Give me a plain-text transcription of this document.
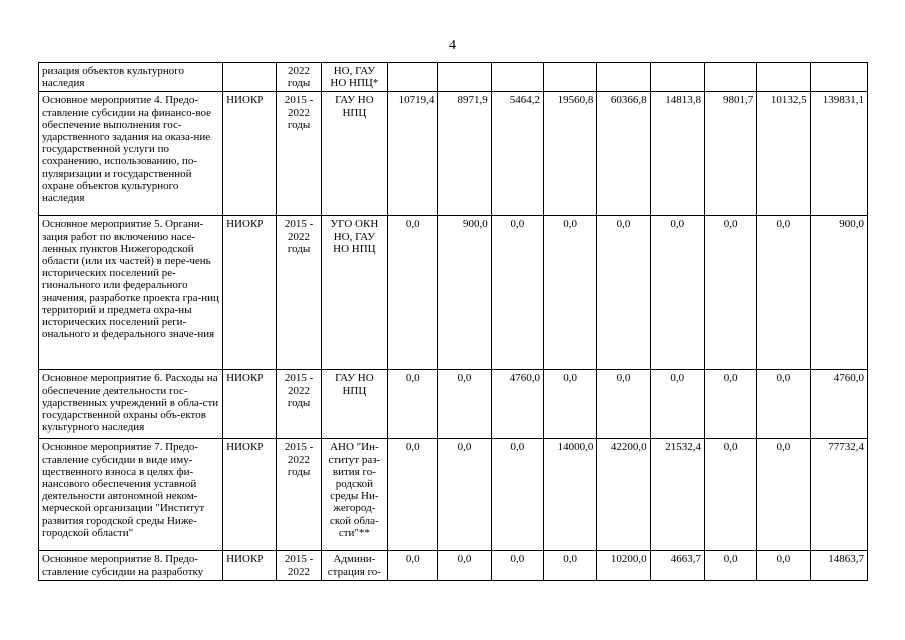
4
ризация объектов культурного наследия		2022 годы	НО, ГАУ НО НПЦ*									
Основное мероприятие 4. Предо-ставление субсидии на финансо-вое обеспечение выполнения гос-ударственного задания на оказа-ние государственной услуги по сохранению, использованию, по-пуляризации и государственной охране объектов культурного наследия	НИОКР	2015 - 2022 годы	ГАУ НО НПЦ	10719,4	8971,9	5464,2	19560,8	60366,8	14813,8	9801,7	10132,5	139831,1
Основное мероприятие 5. Органи-зация работ по включению насе-ленных пунктов Нижегородской области (или их частей) в пере-чень исторических поселений ре-гионального или федерального значения, разработке проекта гра-ниц территорий и предмета охра-ны исторических поселений реги-онального и федерального значе-ния	НИОКР	2015 - 2022 годы	УГО ОКН НО, ГАУ НО НПЦ	0,0	900,0	0,0	0,0	0,0	0,0	0,0	0,0	900,0
Основное мероприятие 6. Расходы на обеспечение деятельности гос-ударственных учреждений в обла-сти государственной охраны объ-ектов культурного наследия	НИОКР	2015 - 2022 годы	ГАУ НО НПЦ	0,0	0,0	4760,0	0,0	0,0	0,0	0,0	0,0	4760,0
Основное мероприятие 7. Предо-ставление субсидии в виде иму-щественного взноса в целях фи-нансового обеспечения уставной деятельности автономной неком-мерческой организации "Институт развития городской среды Ниже-городской области"	НИОКР	2015 - 2022 годы	АНО "Ин-ститут раз-вития го-родской среды Ни-жегород-ской обла-сти"**	0,0	0,0	0,0	14000,0	42200,0	21532,4	0,0	0,0	77732,4
Основное мероприятие 8. Предо-ставление субсидии на разработку	НИОКР	2015 - 2022	Админи-страция го-	0,0	0,0	0,0	0,0	10200,0	4663,7	0,0	0,0	14863,7
